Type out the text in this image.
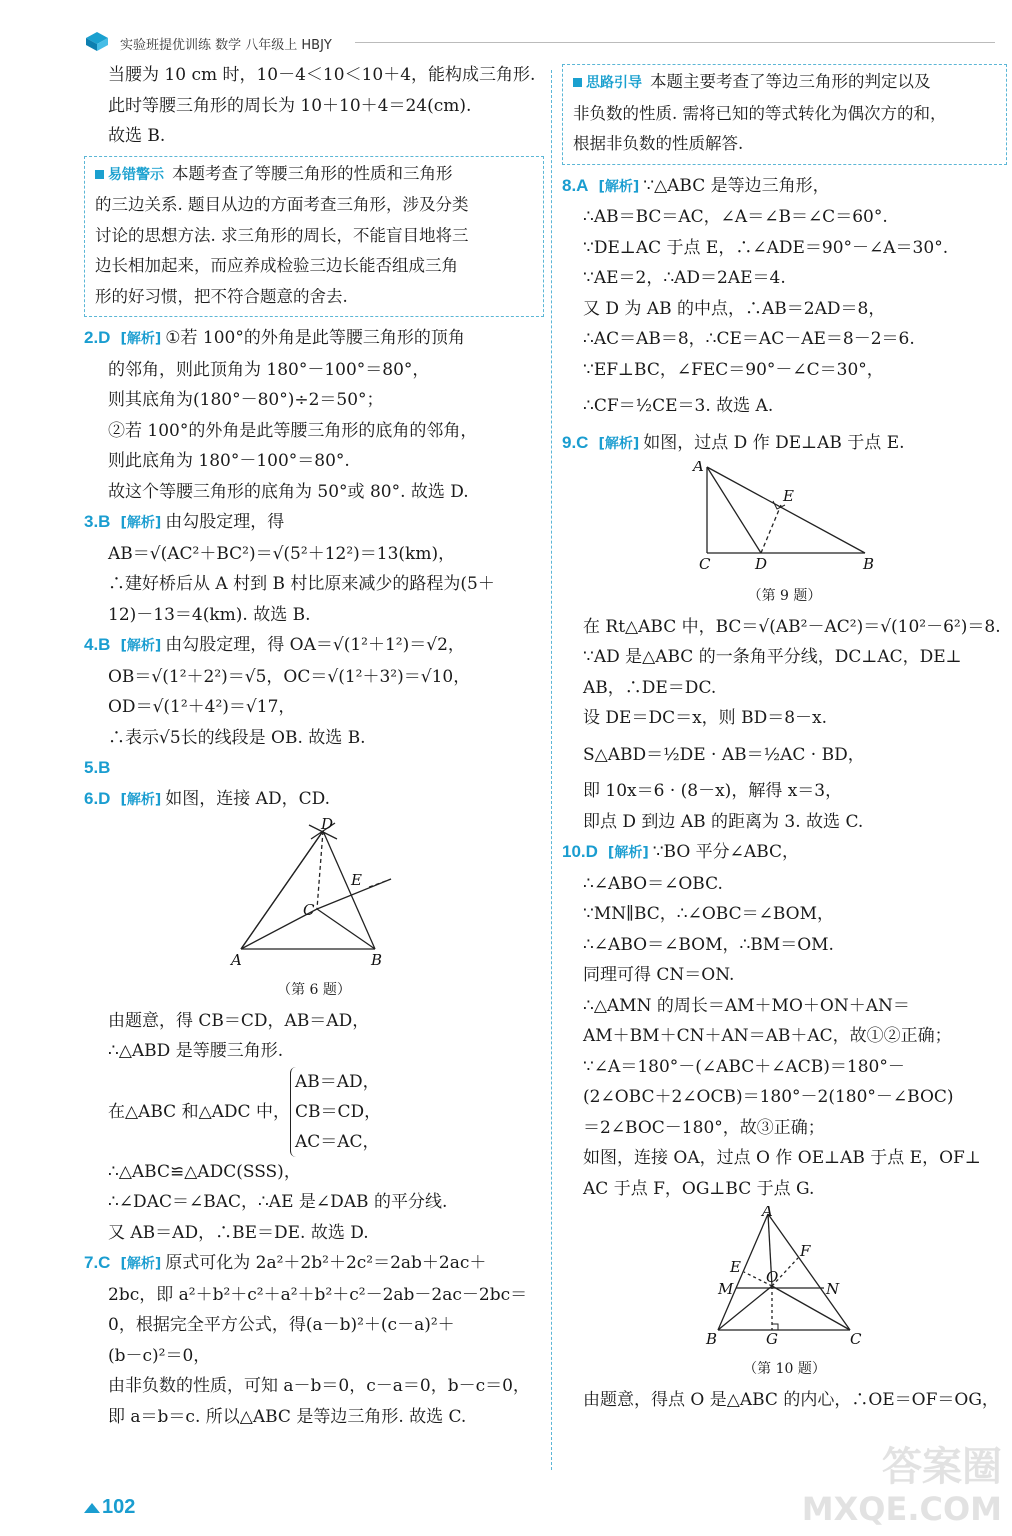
实验班提优训练 数学 八年级上 HBJY
当腰为 10 cm 时，10－4＜10＜10＋4，能构成三角形.
此时等腰三角形的周长为 10＋10＋4＝24(cm).
故选 B.
易错警示 本题考查了等腰三角形的性质和三角形
的三边关系. 题目从边的方面考查三角形，涉及分类
讨论的思想方法. 求三角形的周长，不能盲目地将三
边长相加起来，而应养成检验三边长能否组成三角
形的好习惯，把不符合题意的舍去.
2.D [解析] ①若 100°的外角是此等腰三角形的顶角
的邻角，则此顶角为 180°－100°＝80°，
则其底角为(180°－80°)÷2＝50°；
②若 100°的外角是此等腰三角形的底角的邻角，
则此底角为 180°－100°＝80°.
故这个等腰三角形的底角为 50°或 80°. 故选 D.
3.B [解析] 由勾股定理，得
AB＝√(AC²＋BC²)＝√(5²＋12²)＝13(km)，
∴建好桥后从 A 村到 B 村比原来减少的路程为(5＋
12)－13＝4(km). 故选 B.
4.B [解析] 由勾股定理，得 OA＝√(1²＋1²)＝√2，
OB＝√(1²＋2²)＝√5，OC＝√(1²＋3²)＝√10，
OD＝√(1²＋4²)＝√17，
∴表示√5长的线段是 OB. 故选 B.
5.B
6.D [解析] 如图，连接 AD，CD.
A	B
C
D
E
（第 6 题）
由题意，得 CB＝CD，AB＝AD，
∴△ABD 是等腰三角形.
在△ABC 和△ADC 中，
AB＝AD，
CB＝CD，
AC＝AC，
∴△ABC≌△ADC(SSS)，
∴∠DAC＝∠BAC，∴AE 是∠DAB 的平分线.
又 AB＝AD，∴BE＝DE. 故选 D.
7.C [解析] 原式可化为 2a²＋2b²＋2c²＝2ab＋2ac＋
2bc，即 a²＋b²＋c²＋a²＋b²＋c²－2ab－2ac－2bc＝
0，根据完全平方公式，得(a－b)²＋(c－a)²＋
(b－c)²＝0，
由非负数的性质，可知 a－b＝0，c－a＝0，b－c＝0，
即 a＝b＝c. 所以△ABC 是等边三角形. 故选 C.
思路引导 本题主要考查了等边三角形的判定以及
非负数的性质. 需将已知的等式转化为偶次方的和，
根据非负数的性质解答.
8.A [解析] ∵△ABC 是等边三角形，
∴AB＝BC＝AC，∠A＝∠B＝∠C＝60°.
∵DE⊥AC 于点 E，∴∠ADE＝90°－∠A＝30°.
∵AE＝2，∴AD＝2AE＝4.
又 D 为 AB 的中点，∴AB＝2AD＝8，
∴AC＝AB＝8，∴CE＝AC－AE＝8－2＝6.
∵EF⊥BC，∠FEC＝90°－∠C＝30°，
∴CF＝½CE＝3. 故选 A.
9.C [解析] 如图，过点 D 作 DE⊥AB 于点 E.
A
B
C	D
E
（第 9 题）
在 Rt△ABC 中，BC＝√(AB²－AC²)＝√(10²－6²)＝8.
∵AD 是△ABC 的一条角平分线，DC⊥AC，DE⊥
AB，∴DE＝DC.
设 DE＝DC＝x，则 BD＝8－x.
S△ABD＝½DE · AB＝½AC · BD，
即 10x＝6 · (8－x)，解得 x＝3，
即点 D 到边 AB 的距离为 3. 故选 C.
10.D [解析] ∵BO 平分∠ABC，
∴∠ABO＝∠OBC.
∵MN∥BC，∴∠OBC＝∠BOM，
∴∠ABO＝∠BOM，∴BM＝OM.
同理可得 CN＝ON.
∴△AMN 的周长＝AM＋MO＋ON＋AN＝
AM＋BM＋CN＋AN＝AB＋AC，故①②正确；
∵∠A＝180°－(∠ABC＋∠ACB)＝180°－
(2∠OBC＋2∠OCB)＝180°－2(180°－∠BOC)
＝2∠BOC－180°，故③正确；
如图，连接 OA，过点 O 作 OE⊥AB 于点 E，OF⊥
AC 于点 F，OG⊥BC 于点 G.
A
B	C
E
F
G
M	N
O
（第 10 题）
由题意，得点 O 是△ABC 的内心，∴OE＝OF＝OG，
102
答案圈
MXQE.COM
